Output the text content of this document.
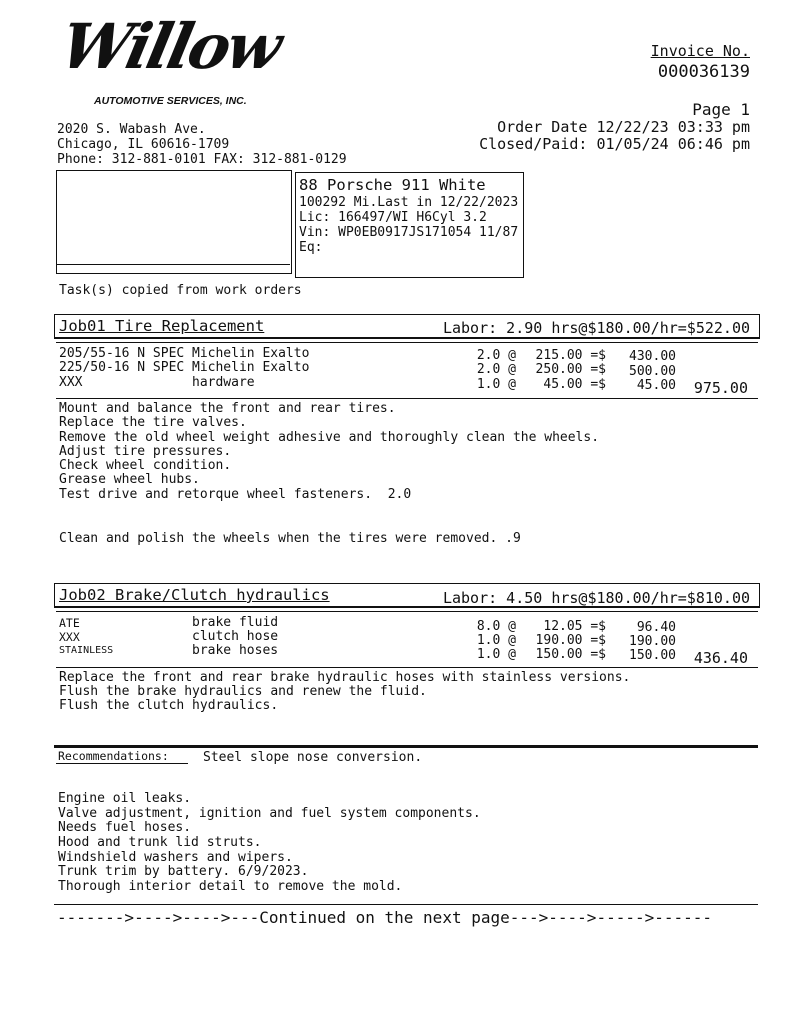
Willow
AUTOMOTIVE SERVICES, INC.
2020 S. Wabash Ave.
Chicago, IL 60616-1709
Phone: 312-881-0101 FAX: 312-881-0129
Invoice No.
000036139
Page 1
Order Date 12/22/23 03:33 pm
Closed/Paid: 01/05/24 06:46 pm
88 Porsche 911 White
100292 Mi.Last in 12/22/2023
Lic: 166497/WI H6Cyl 3.2
Vin: WP0EB0917JS171054 11/87
Eq:
Task(s) copied from work orders
Job01 Tire Replacement	Labor: 2.90 hrs@$180.00/hr=$522.00
205/55-16 N SPEC Michelin Exalto	2.0 @	215.00 =$	430.00
225/50-16 N SPEC Michelin Exalto	2.0 @	250.00 =$	500.00
XXX	hardware	1.0 @	45.00 =$	45.00	975.00
Mount and balance the front and rear tires.
Replace the tire valves.
Remove the old wheel weight adhesive and thoroughly clean the wheels.
Adjust tire pressures.
Check wheel condition.
Grease wheel hubs.
Test drive and retorque wheel fasteners.  2.0
Clean and polish the wheels when the tires were removed. .9
Job02 Brake/Clutch hydraulics	Labor: 4.50 hrs@$180.00/hr=$810.00
ATE	brake fluid	8.0 @	12.05 =$	96.40
XXX	clutch hose	1.0 @	190.00 =$	190.00
STAINLESS	brake hoses	1.0 @	150.00 =$	150.00	436.40
Replace the front and rear brake hydraulic hoses with stainless versions.
Flush the brake hydraulics and renew the fluid.
Flush the clutch hydraulics.
Recommendations:	Steel slope nose conversion.
Engine oil leaks.
Valve adjustment, ignition and fuel system components.
Needs fuel hoses.
Hood and trunk lid struts.
Windshield washers and wipers.
Trunk trim by battery. 6/9/2023.
Thorough interior detail to remove the mold.
------->---->---->---Continued on the next page--->---->----->------
